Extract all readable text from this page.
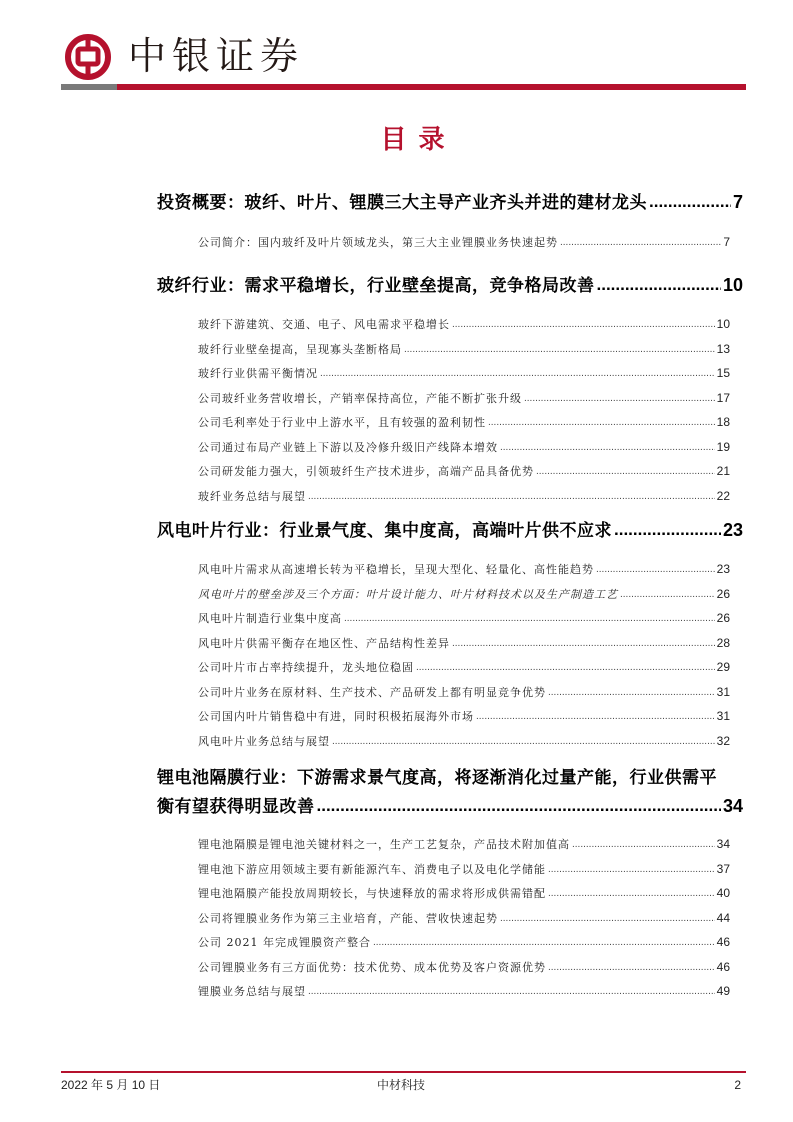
中银证券
目录
投资概要：玻纤、叶片、锂膜三大主导产业齐头并进的建材龙头 .....	7
公司简介：国内玻纤及叶片领域龙头，第三大主业锂膜业务快速起势 .....	7
玻纤行业：需求平稳增长，行业壁垒提高，竞争格局改善 .....	10
玻纤下游建筑、交通、电子、风电需求平稳增长 .....	10
玻纤行业壁垒提高，呈现寡头垄断格局 .....	13
玻纤行业供需平衡情况 .....	15
公司玻纤业务营收增长，产销率保持高位，产能不断扩张升级 .....	17
公司毛利率处于行业中上游水平，且有较强的盈利韧性 .....	18
公司通过布局产业链上下游以及冷修升级旧产线降本增效 .....	19
公司研发能力强大，引领玻纤生产技术进步，高端产品具备优势 .....	21
玻纤业务总结与展望 .....	22
风电叶片行业：行业景气度、集中度高，高端叶片供不应求 .....	23
风电叶片需求从高速增长转为平稳增长，呈现大型化、轻量化、高性能趋势 .....	23
风电叶片的壁垒涉及三个方面：叶片设计能力、叶片材料技术以及生产制造工艺 .....	26
风电叶片制造行业集中度高 .....	26
风电叶片供需平衡存在地区性、产品结构性差异 .....	28
公司叶片市占率持续提升，龙头地位稳固 .....	29
公司叶片业务在原材料、生产技术、产品研发上都有明显竞争优势 .....	31
公司国内叶片销售稳中有进，同时积极拓展海外市场 .....	31
风电叶片业务总结与展望 .....	32
锂电池隔膜行业：下游需求景气度高，将逐渐消化过量产能，行业供需平
衡有望获得明显改善 .....	34
锂电池隔膜是锂电池关键材料之一，生产工艺复杂，产品技术附加值高 .....	34
锂电池下游应用领域主要有新能源汽车、消费电子以及电化学储能 .....	37
锂电池隔膜产能投放周期较长，与快速释放的需求将形成供需错配 .....	40
公司将锂膜业务作为第三主业培育，产能、营收快速起势 .....	44
公司 2021 年完成锂膜资产整合 .....	46
公司锂膜业务有三方面优势：技术优势、成本优势及客户资源优势 .....	46
锂膜业务总结与展望 .....	49
2022 年 5 月 10 日	中材科技	2
